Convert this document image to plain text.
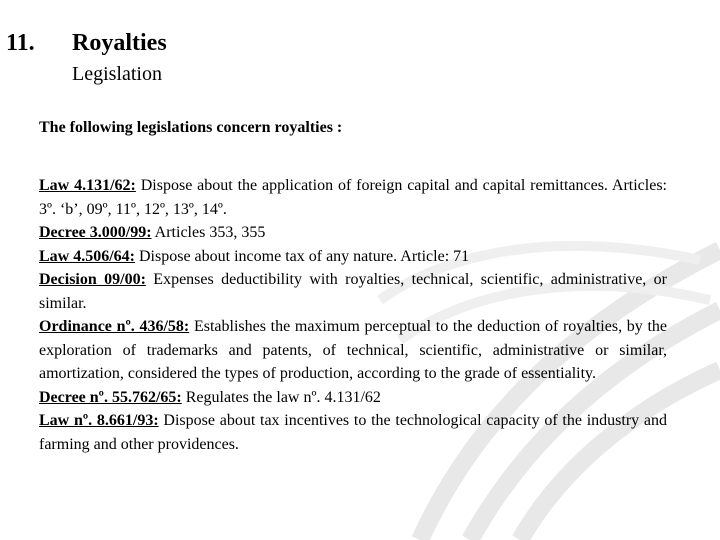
11. Royalties
Legislation
The following legislations concern royalties :

Law 4.131/62: Dispose about the application of foreign capital and capital remittances. Articles: 3º. ‘b’, 09º, 11º, 12º, 13º, 14º.

Decree 3.000/99: Articles 353, 355

Law 4.506/64: Dispose about income tax of any nature. Article: 71

Decision 09/00: Expenses deductibility with royalties, technical, scientific, administrative, or similar.

Ordinance nº. 436/58: Establishes the maximum perceptual to the deduction of royalties, by the exploration of trademarks and patents, of technical, scientific, administrative or similar, amortization, considered the types of production, according to the grade of essentiality.

Decree nº. 55.762/65: Regulates the law nº. 4.131/62

Law nº. 8.661/93: Dispose about tax incentives to the technological capacity of the industry and farming and other providences.
